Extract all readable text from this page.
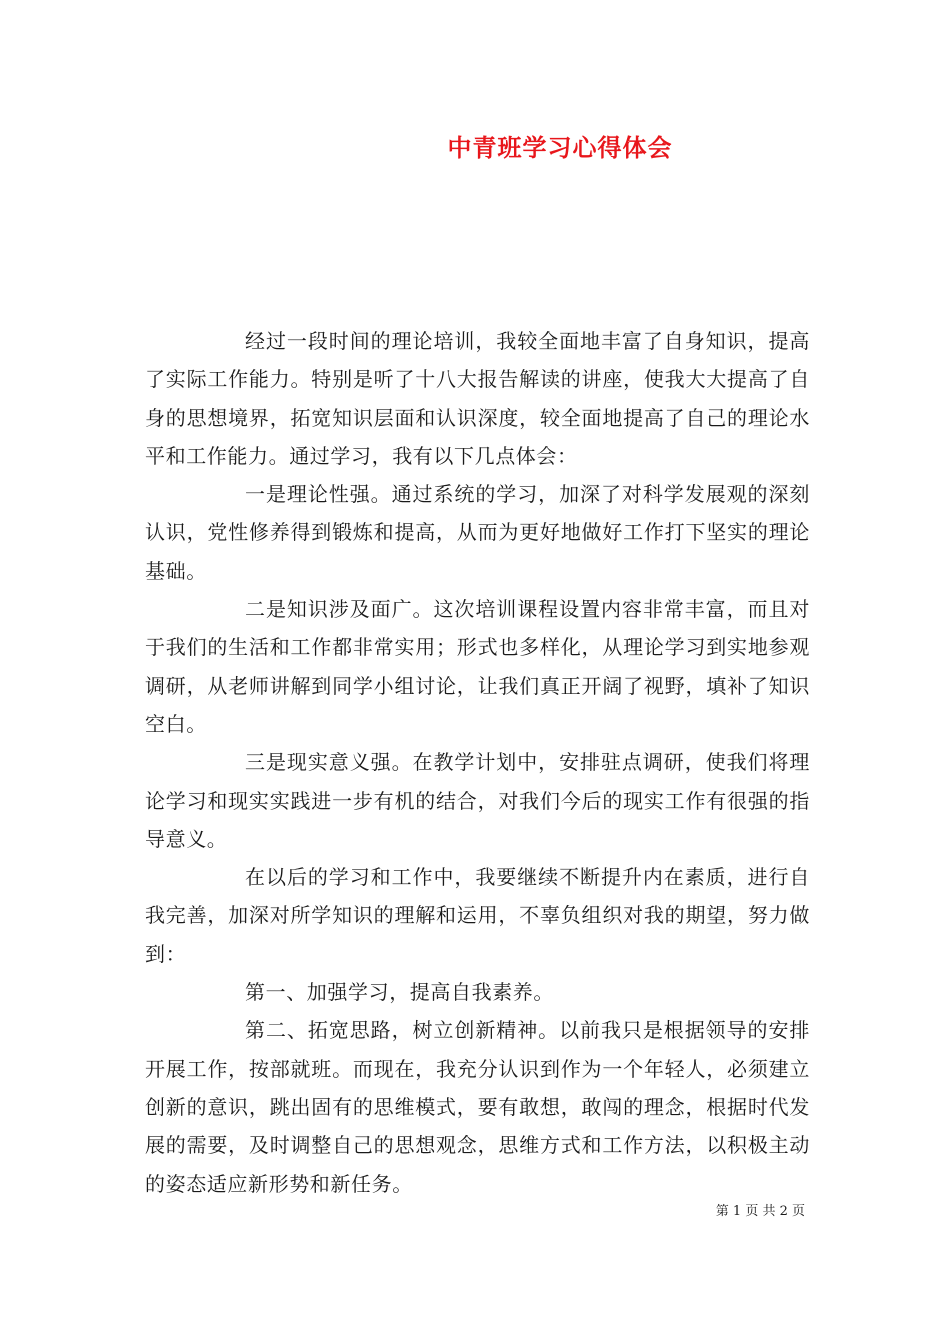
中青班学习心得体会

经过一段时间的理论培训，我较全面地丰富了自身知识，提高了实际工作能力。特别是听了十八大报告解读的讲座，使我大大提高了自身的思想境界，拓宽知识层面和认识深度，较全面地提高了自己的理论水平和工作能力。通过学习，我有以下几点体会：

一是理论性强。通过系统的学习，加深了对科学发展观的深刻认识，党性修养得到锻炼和提高，从而为更好地做好工作打下坚实的理论基础。

二是知识涉及面广。这次培训课程设置内容非常丰富，而且对于我们的生活和工作都非常实用；形式也多样化，从理论学习到实地参观调研，从老师讲解到同学小组讨论，让我们真正开阔了视野，填补了知识空白。

三是现实意义强。在教学计划中，安排驻点调研，使我们将理论学习和现实实践进一步有机的结合，对我们今后的现实工作有很强的指导意义。

在以后的学习和工作中，我要继续不断提升内在素质，进行自我完善，加深对所学知识的理解和运用，不辜负组织对我的期望，努力做到：

第一、加强学习，提高自我素养。

第二、拓宽思路，树立创新精神。以前我只是根据领导的安排开展工作，按部就班。而现在，我充分认识到作为一个年轻人，必须建立创新的意识，跳出固有的思维模式，要有敢想，敢闯的理念，根据时代发展的需要，及时调整自己的思想观念，思维方式和工作方法，以积极主动的姿态适应新形势和新任务。

第 1 页 共 2 页
